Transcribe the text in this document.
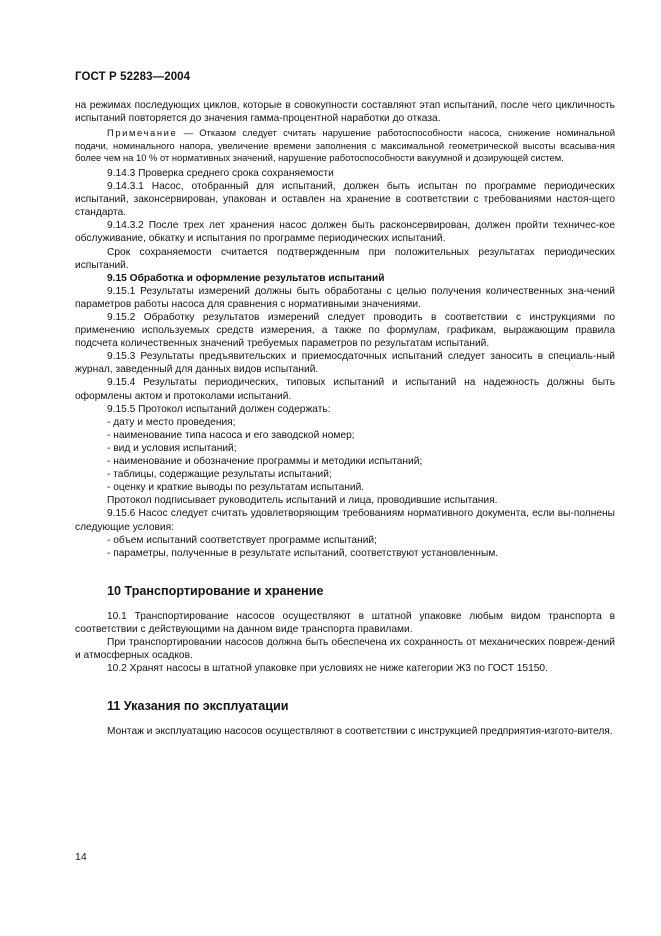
ГОСТ Р 52283—2004

на режимах последующих циклов, которые в совокупности составляют этап испытаний, после чего цикличность испытаний повторяется до значения гамма-процентной наработки до отказа.

Примечание — Отказом следует считать нарушение работоспособности насоса, снижение номинальной подачи, номинального напора, увеличение времени заполнения с максимальной геометрической высоты всасыва-ния более чем на 10 % от нормативных значений, нарушение работоспособности вакуумной и дозирующей систем.

9.14.3 Проверка среднего срока сохраняемости

9.14.3.1 Насос, отобранный для испытаний, должен быть испытан по программе периодических испытаний, законсервирован, упакован и оставлен на хранение в соответствии с требованиями настоя-щего стандарта.

9.14.3.2 После трех лет хранения насос должен быть расконсервирован, должен пройти техничес-кое обслуживание, обкатку и испытания по программе периодических испытаний.

Срок сохраняемости считается подтвержденным при положительных результатах периодических испытаний.

9.15 Обработка и оформление результатов испытаний

9.15.1 Результаты измерений должны быть обработаны с целью получения количественных зна-чений параметров работы насоса для сравнения с нормативными значениями.

9.15.2 Обработку результатов измерений следует проводить в соответствии с инструкциями по применению используемых средств измерения, а также по формулам, графикам, выражающим правила подсчета количественных значений требуемых параметров по результатам испытаний.

9.15.3 Результаты предъявительских и приемосдаточных испытаний следует заносить в специаль-ный журнал, заведенный для данных видов испытаний.

9.15.4 Результаты периодических, типовых испытаний и испытаний на надежность должны быть оформлены актом и протоколами испытаний.

9.15.5 Протокол испытаний должен содержать:

- дату и место проведения;

- наименование типа насоса и его заводской номер;

- вид и условия испытаний;

- наименование и обозначение программы и методики испытаний;

- таблицы, содержащие результаты испытаний;

- оценку и краткие выводы по результатам испытаний.

Протокол подписывает руководитель испытаний и лица, проводившие испытания.

9.15.6 Насос следует считать удовлетворяющим требованиям нормативного документа, если вы-полнены следующие условия:

- объем испытаний соответствует программе испытаний;

- параметры, полученные в результате испытаний, соответствуют установленным.

10 Транспортирование и хранение

10.1 Транспортирование насосов осуществляют в штатной упаковке любым видом транспорта в соответствии с действующими на данном виде транспорта правилами.

При транспортировании насосов должна быть обеспечена их сохранность от механических повреж-дений и атмосферных осадков.

10.2 Хранят насосы в штатной упаковке при условиях не ниже категории Ж3 по ГОСТ 15150.

11 Указания по эксплуатации

Монтаж и эксплуатацию насосов осуществляют в соответствии с инструкцией предприятия-изгото-вителя.

14
